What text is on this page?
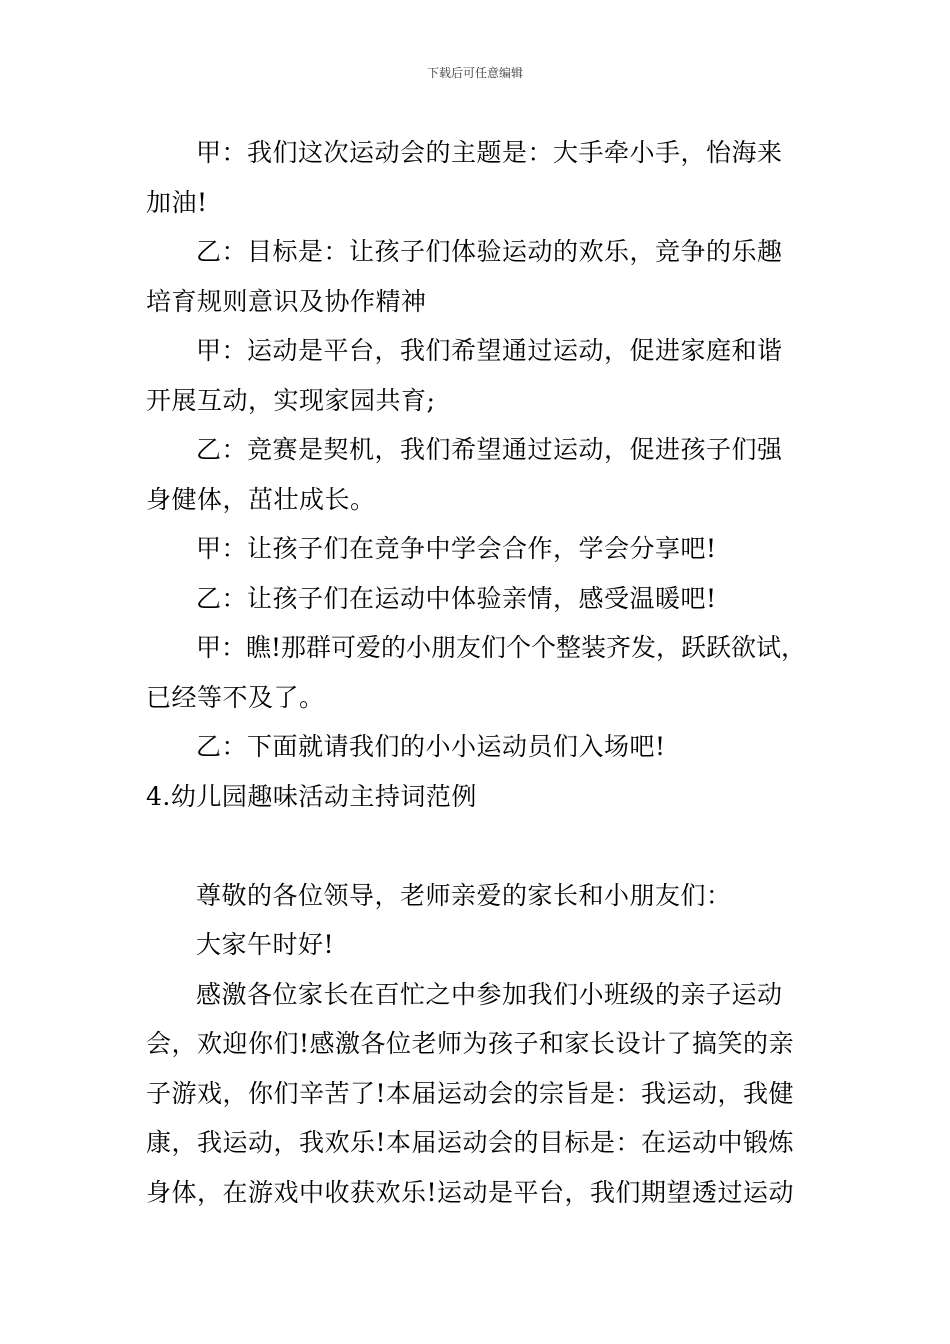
下载后可任意编辑

甲：我们这次运动会的主题是：大手牵小手，怡海来
加油!

乙：目标是：让孩子们体验运动的欢乐，竞争的乐趣
培育规则意识及协作精神

甲：运动是平台，我们希望通过运动，促进家庭和谐
开展互动，实现家园共育;

乙：竞赛是契机，我们希望通过运动，促进孩子们强
身健体，茁壮成长。

甲：让孩子们在竞争中学会合作，学会分享吧!

乙：让孩子们在运动中体验亲情，感受温暖吧!

甲：瞧!那群可爱的小朋友们个个整装齐发，跃跃欲试，
已经等不及了。

乙：下面就请我们的小小运动员们入场吧!

4.幼儿园趣味活动主持词范例

尊敬的各位领导，老师亲爱的家长和小朋友们：

大家午时好!

感激各位家长在百忙之中参加我们小班级的亲子运动
会，欢迎你们!感激各位老师为孩子和家长设计了搞笑的亲
子游戏，你们辛苦了!本届运动会的宗旨是：我运动，我健
康，我运动，我欢乐!本届运动会的目标是：在运动中锻炼
身体，在游戏中收获欢乐!运动是平台，我们期望透过运动
